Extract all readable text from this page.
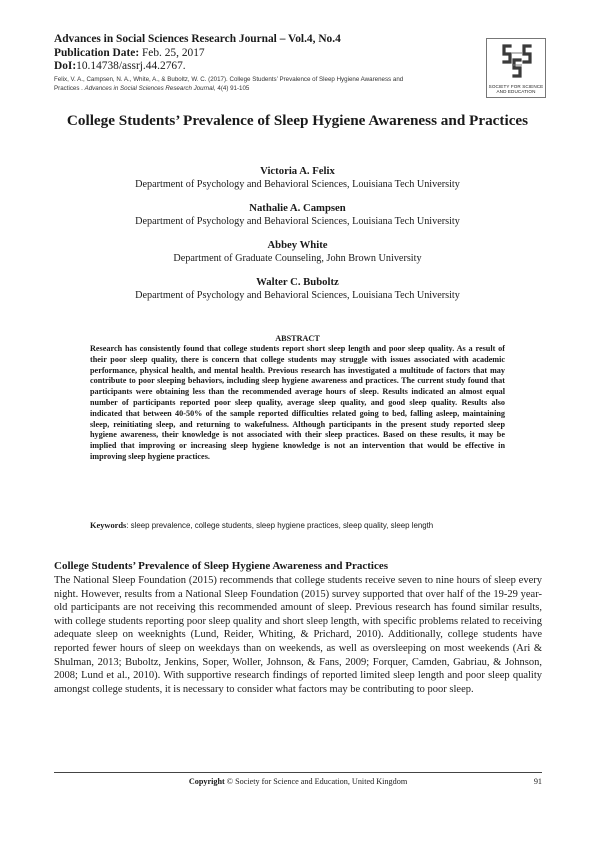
Advances in Social Sciences Research Journal – Vol.4, No.4
Publication Date: Feb. 25, 2017
DoI:10.14738/assrj.44.2767.
Felix, V. A., Campsen, N. A., White, A., & Buboltz, W. C. (2017). College Students’ Prevalence of Sleep Hygiene Awareness and
Practices . Advances in Social Sciences Research Journal, 4(4) 91-105	SOCIETY FOR SCIENCE
AND EDUCATION
College Students’ Prevalence of Sleep Hygiene Awareness and Practices
Victoria A. Felix
Department of Psychology and Behavioral Sciences, Louisiana Tech University
Nathalie A. Campsen
Department of Psychology and Behavioral Sciences, Louisiana Tech University
Abbey White
Department of Graduate Counseling, John Brown University
Walter C. Buboltz
Department of Psychology and Behavioral Sciences, Louisiana Tech University
ABSTRACT

Research has consistently found that college students report short sleep length and poor sleep quality. As a result of their poor sleep quality, there is concern that college students may struggle with issues associated with academic performance, physical health, and mental health. Previous research has investigated a multitude of factors that may contribute to poor sleeping behaviors, including sleep hygiene awareness and practices. The current study found that participants were obtaining less than the recommended average hours of sleep. Results indicated an almost equal number of participants reported poor sleep quality, average sleep quality, and good sleep quality. Results also indicated that between 40-50% of the sample reported difficulties related going to bed, falling asleep, maintaining sleep, reinitiating sleep, and returning to wakefulness. Although participants in the present study reported sleep hygiene awareness, their knowledge is not associated with their sleep practices. Based on these results, it may be implied that improving or increasing sleep hygiene knowledge is not an intervention that would be effective in improving sleep hygiene practices.

Keywords: sleep prevalence, college students, sleep hygiene practices, sleep quality, sleep length
College Students’ Prevalence of Sleep Hygiene Awareness and Practices

The National Sleep Foundation (2015) recommends that college students receive seven to nine hours of sleep every night. However, results from a National Sleep Foundation (2015) survey supported that over half of the 19-29 year-old participants are not receiving this recommended amount of sleep. Previous research has found similar results, with college students reporting poor sleep quality and short sleep length, with specific problems related to receiving adequate sleep on weeknights (Lund, Reider, Whiting, & Prichard, 2010). Additionally, college students have reported fewer hours of sleep on weekdays than on weekends, as well as oversleeping on most weekends (Ari & Shulman, 2013; Buboltz, Jenkins, Soper, Woller, Johnson, & Fans, 2009; Forquer, Camden, Gabriau, & Johnson, 2008; Lund et al., 2010). With supportive research findings of reported limited sleep length and poor sleep quality amongst college students, it is necessary to consider what factors may be contributing to poor sleep.

Copyright © Society for Science and Education, United Kingdom	91
